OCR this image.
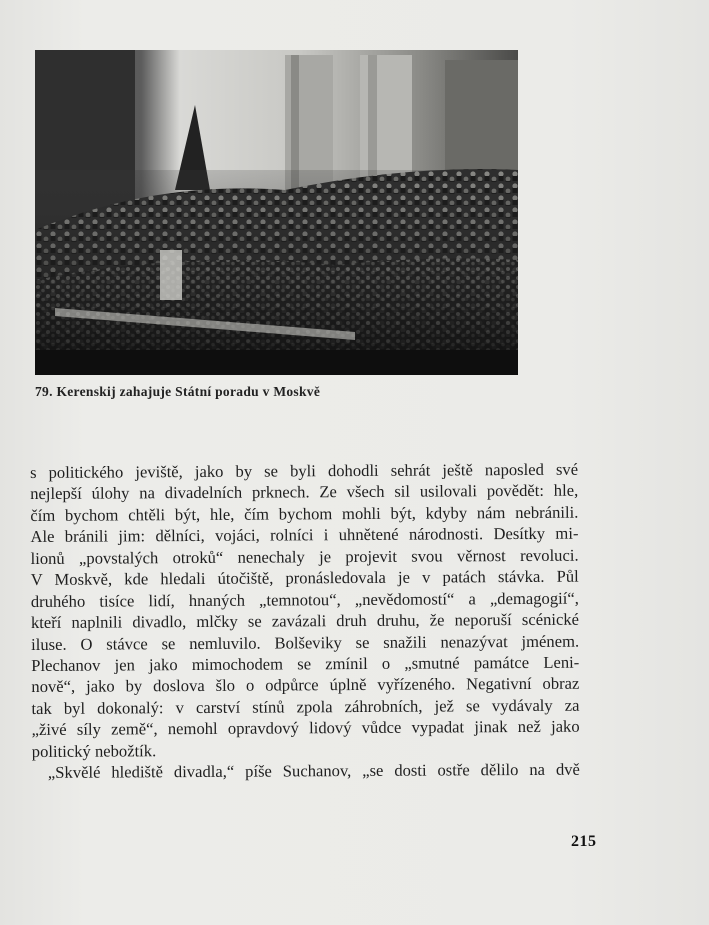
79. Kerenskij zahajuje Státní poradu v Moskvě
s politického jeviště, jako by se byli dohodli sehrát ještě naposled své
nejlepší úlohy na divadelních prknech. Ze všech sil usilovali povědět: hle,
čím bychom chtěli být, hle, čím bychom mohli být, kdyby nám nebránili.
Ale bránili jim: dělníci, vojáci, rolníci i uhnětené národnosti. Desítky mi-
lionů „povstalých otroků“ nenechaly je projevit svou věrnost revoluci.
V Moskvě, kde hledali útočiště, pronásledovala je v patách stávka. Půl
druhého tisíce lidí, hnaných „temnotou“, „nevědomostí“ a „demagogií“,
kteří naplnili divadlo, mlčky se zavázali druh druhu, že neporuší scénické
iluse. O stávce se nemluvilo. Bolševiky se snažili nenazývat jménem.
Plechanov jen jako mimochodem se zmínil o „smutné památce Leni-
nově“, jako by doslova šlo o odpůrce úplně vyřízeného. Negativní obraz
tak byl dokonalý: v carství stínů zpola záhrobních, jež se vydávaly za
„živé síly země“, nemohl opravdový lidový vůdce vypadat jinak než jako
politický nebožtík.
„Skvělé hlediště divadla,“ píše Suchanov, „se dosti ostře dělilo na dvě
215
